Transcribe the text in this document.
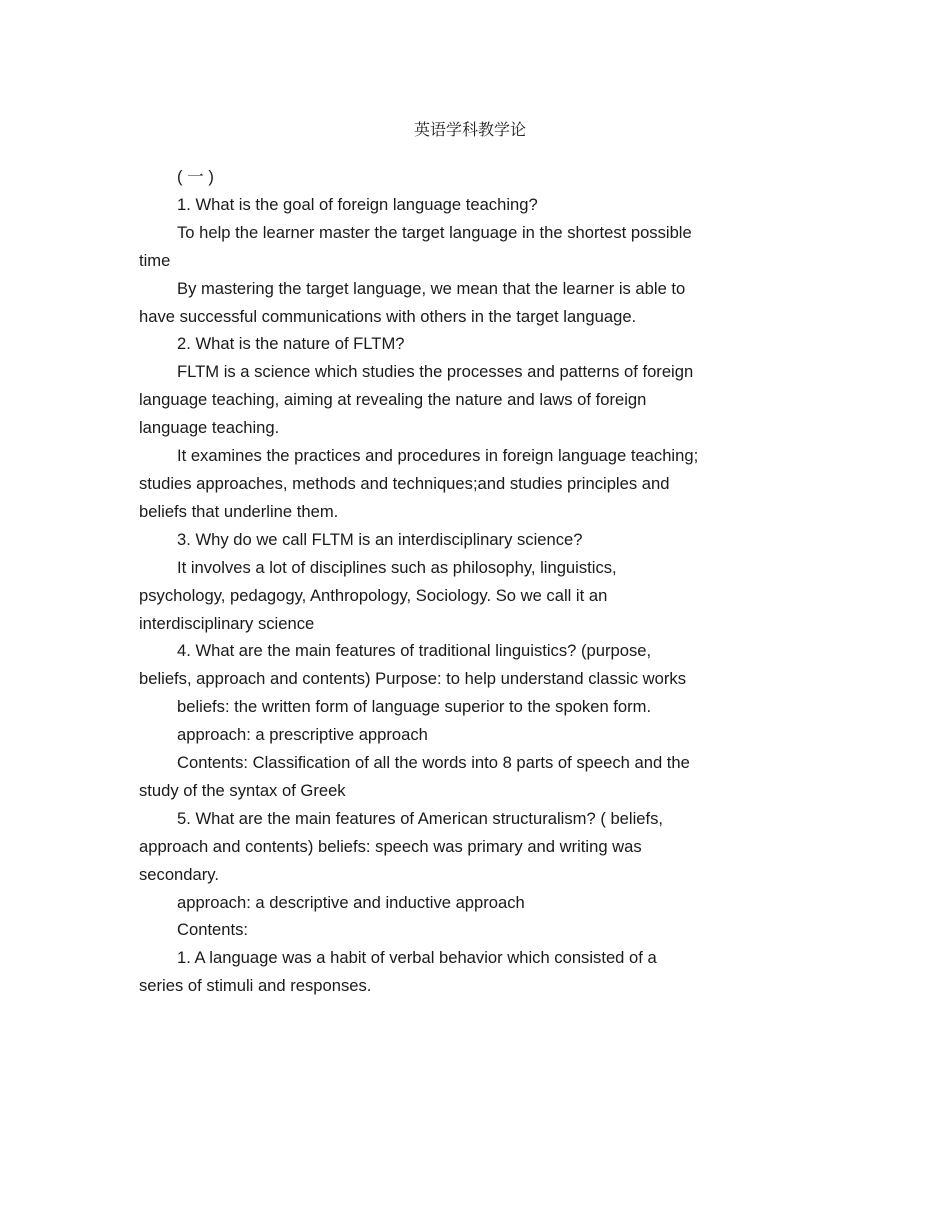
英语学科教学论

( 一 )

1. What is the goal of foreign language teaching?

To help the learner master the target language in the shortest possible time

By mastering the target language, we mean that the learner is able to have successful communications with others in the target language.

2. What is the nature of FLTM?

FLTM is a science which studies the processes and patterns of foreign language teaching, aiming at revealing the nature and laws of foreign language teaching.

It examines the practices and procedures in foreign language teaching; studies approaches, methods and techniques;and studies principles and beliefs that underline them.

3. Why do we call FLTM is an interdisciplinary science?

It involves a lot of disciplines such as philosophy, linguistics, psychology, pedagogy, Anthropology, Sociology. So we call it an interdisciplinary science

4. What are the main features of traditional linguistics? (purpose, beliefs, approach and contents) Purpose: to help understand classic works

beliefs: the written form of language superior to the spoken form.

approach: a prescriptive approach

Contents: Classification of all the words into 8 parts of speech and the study of the syntax of Greek

5. What are the main features of American structuralism? ( beliefs, approach and contents) beliefs: speech was primary and writing was secondary.

approach: a descriptive and inductive approach

Contents:

1. A language was a habit of verbal behavior which consisted of a series of stimuli and responses.
